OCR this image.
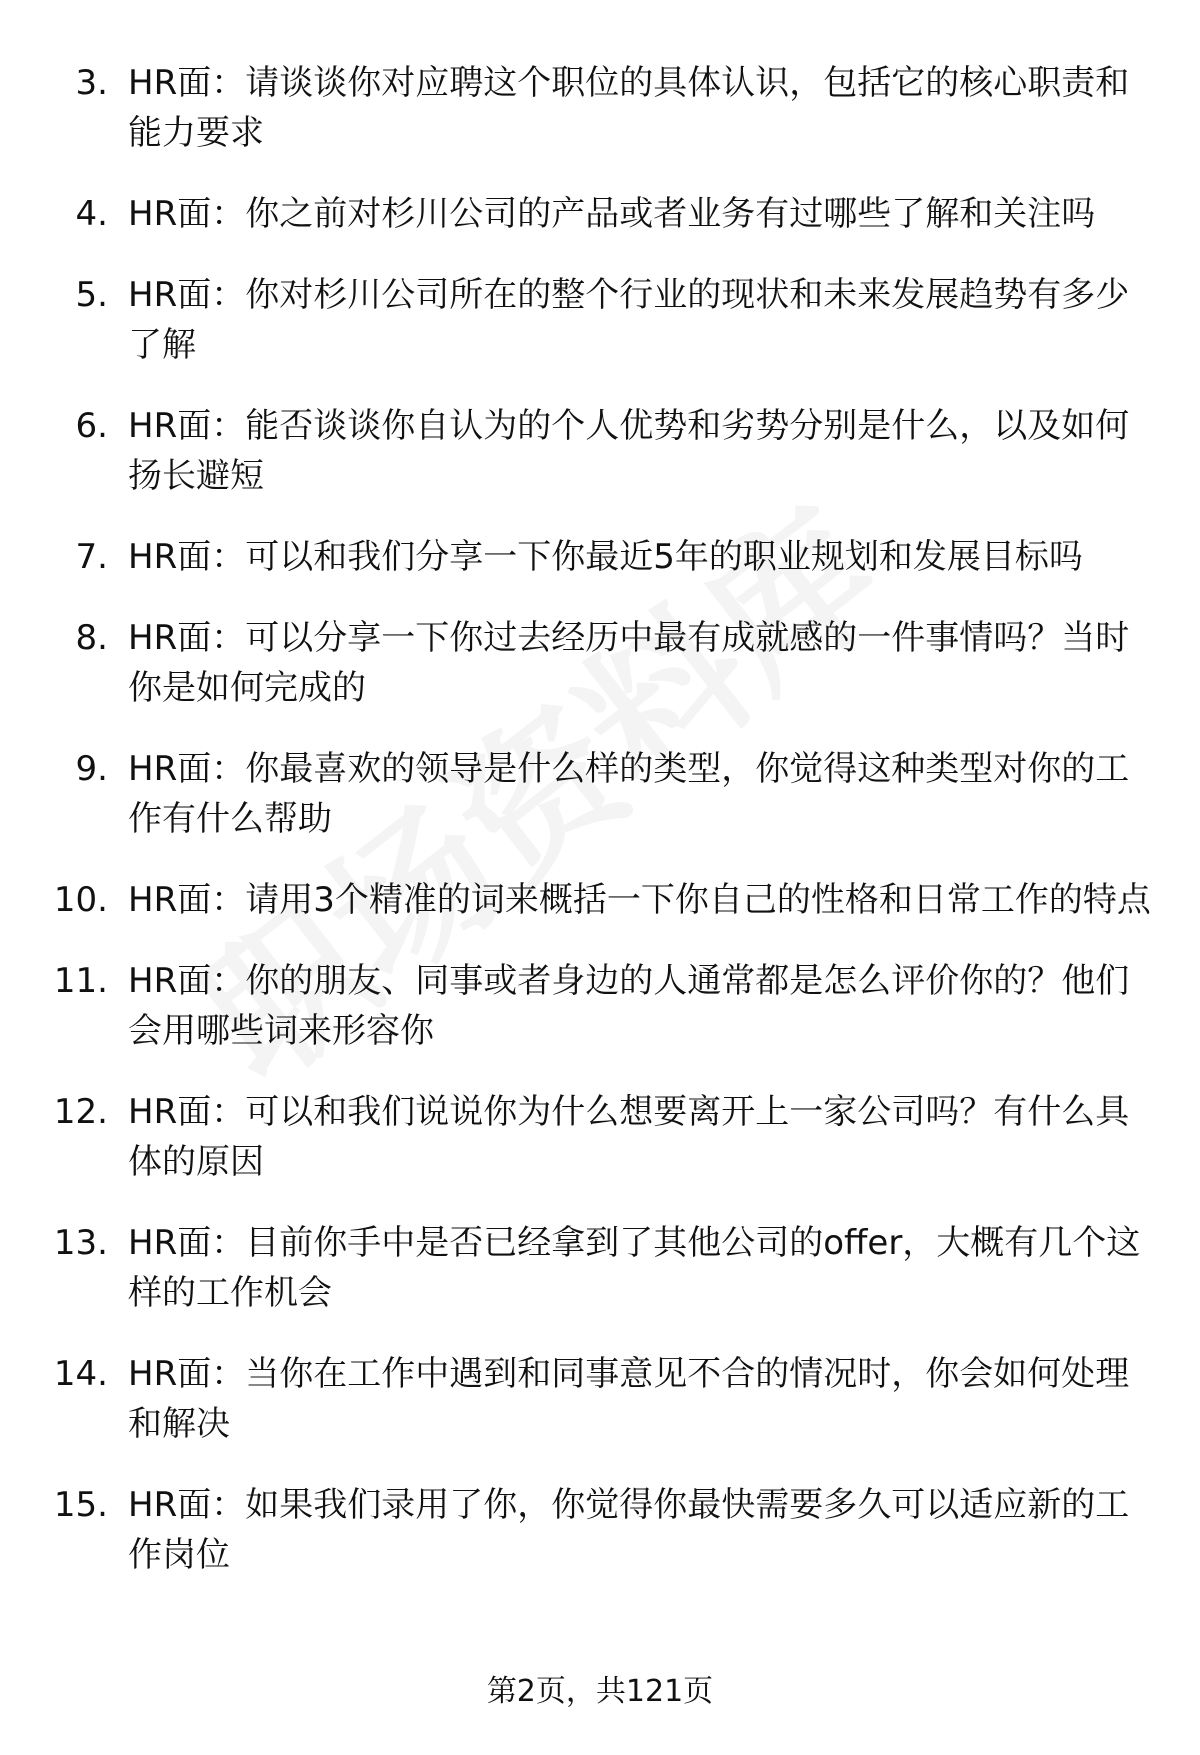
3. HR面：请谈谈你对应聘这个职位的具体认识，包括它的核心职责和能力要求
4. HR面：你之前对杉川公司的产品或者业务有过哪些了解和关注吗
5. HR面：你对杉川公司所在的整个行业的现状和未来发展趋势有多少了解
6. HR面：能否谈谈你自认为的个人优势和劣势分别是什么，以及如何扬长避短
7. HR面：可以和我们分享一下你最近5年的职业规划和发展目标吗
8. HR面：可以分享一下你过去经历中最有成就感的一件事情吗？当时你是如何完成的
9. HR面：你最喜欢的领导是什么样的类型，你觉得这种类型对你的工作有什么帮助
10. HR面：请用3个精准的词来概括一下你自己的性格和日常工作的特点
11. HR面：你的朋友、同事或者身边的人通常都是怎么评价你的？他们会用哪些词来形容你
12. HR面：可以和我们说说你为什么想要离开上一家公司吗？有什么具体的原因
13. HR面：目前你手中是否已经拿到了其他公司的offer，大概有几个这样的工作机会
14. HR面：当你在工作中遇到和同事意见不合的情况时，你会如何处理和解决
15. HR面：如果我们录用了你，你觉得你最快需要多久可以适应新的工作岗位
第2页，共121页
